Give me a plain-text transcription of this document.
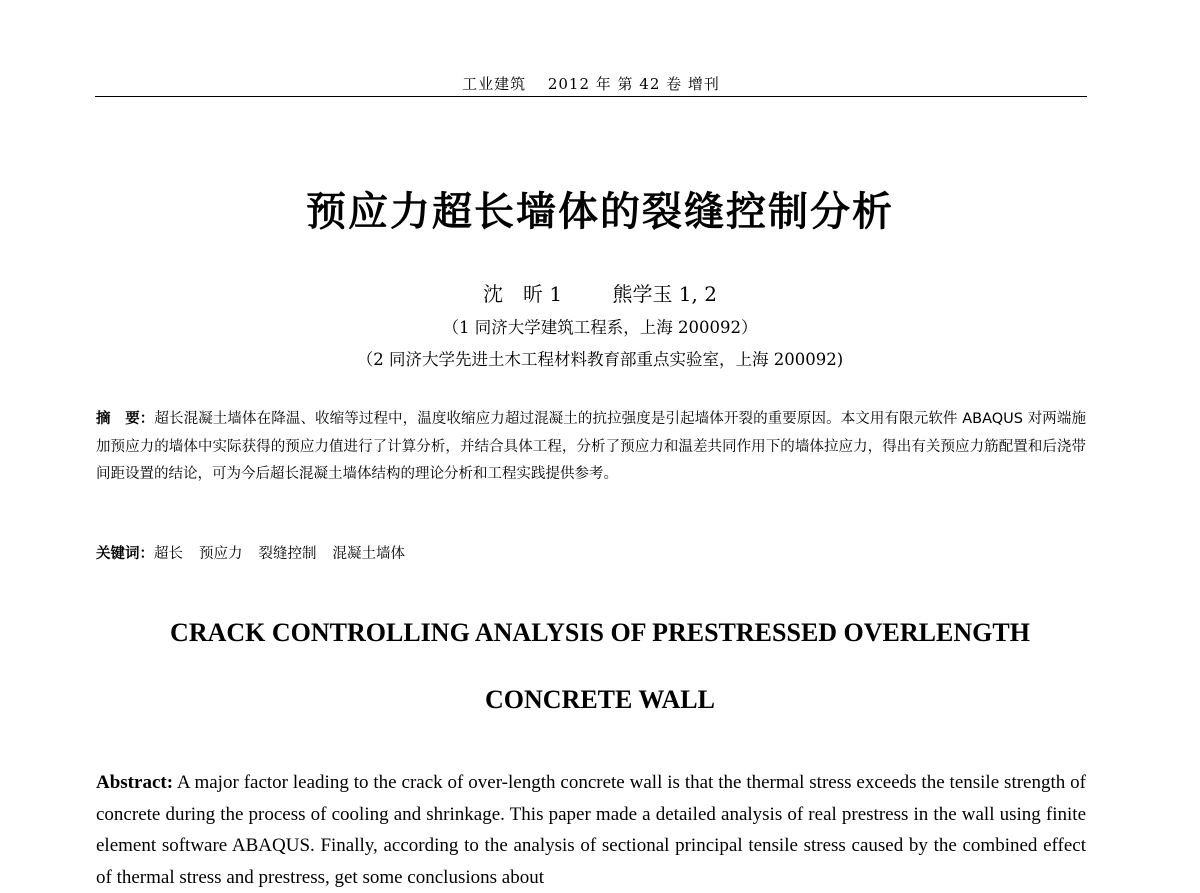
工业建筑　 2012 年 第 42 卷 增刊
预应力超长墙体的裂缝控制分析
沈　昕 1	熊学玉 1, 2
（1 同济大学建筑工程系，上海 200092）
（2 同济大学先进土木工程材料教育部重点实验室，上海 200092)
摘　要：超长混凝土墙体在降温、收缩等过程中，温度收缩应力超过混凝土的抗拉强度是引起墙体开裂的重要原因。本文用有限元软件 ABAQUS 对两端施加预应力的墙体中实际获得的预应力值进行了计算分析，并结合具体工程，分析了预应力和温差共同作用下的墙体拉应力，得出有关预应力筋配置和后浇带间距设置的结论，可为今后超长混凝土墙体结构的理论分析和工程实践提供参考。
关键词：超长 预应力 裂缝控制 混凝土墙体
CRACK CONTROLLING ANALYSIS OF PRESTRESSED OVERLENGTH
CONCRETE WALL
Abstract: A major factor leading to the crack of over-length concrete wall is that the thermal stress exceeds the tensile strength of concrete during the process of cooling and shrinkage. This paper made a detailed analysis of real prestress in the wall using finite element software ABAQUS. Finally, according to the analysis of sectional principal tensile stress caused by the combined effect of thermal stress and prestress, get some conclusions about
